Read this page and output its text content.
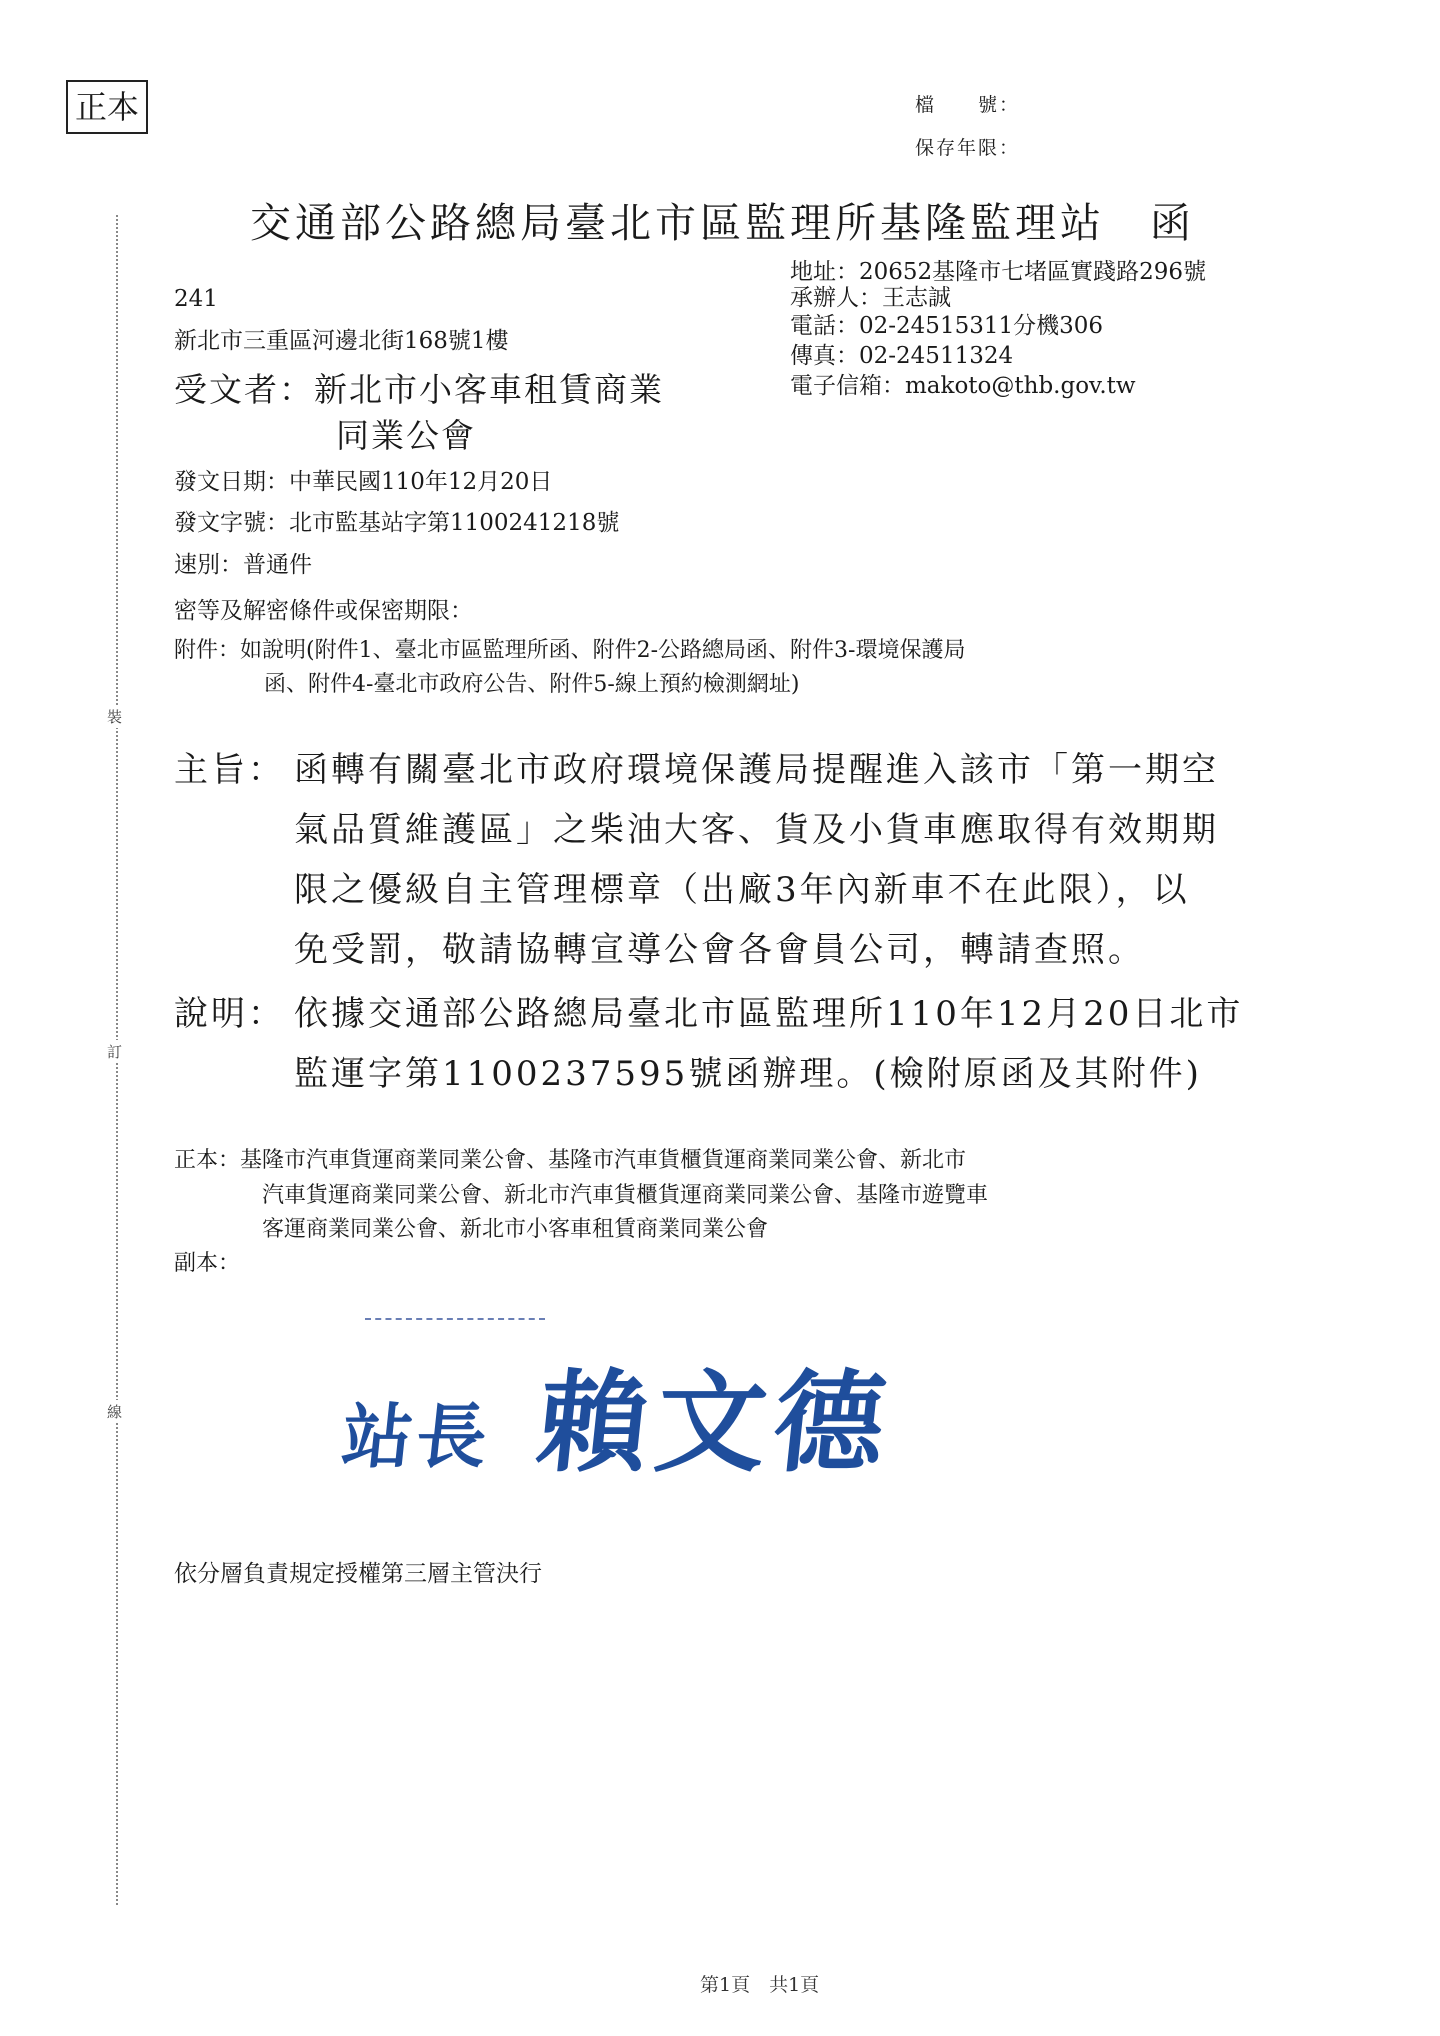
裝
訂
線
正本	檔　　號：
保存年限：
交通部公路總局臺北市區監理所基隆監理站　函
地址：20652基隆市七堵區實踐路296號
承辦人：王志誠
電話：02-24515311分機306
傳真：02-24511324
電子信箱：makoto@thb.gov.tw
241
新北市三重區河邊北街168號1樓
受文者：新北市小客車租賃商業
同業公會
發文日期：中華民國110年12月20日
發文字號：北市監基站字第1100241218號
速別：普通件
密等及解密條件或保密期限：
附件：如說明(附件1、臺北市區監理所函、附件2-公路總局函、附件3-環境保護局
函、附件4-臺北市政府公告、附件5-線上預約檢測網址)
主旨： 函轉有關臺北市政府環境保護局提醒進入該市「第一期空
氣品質維護區」之柴油大客、貨及小貨車應取得有效期期
限之優級自主管理標章（出廠3年內新車不在此限），以
免受罰，敬請協轉宣導公會各會員公司，轉請查照。
說明： 依據交通部公路總局臺北市區監理所110年12月20日北市
監運字第1100237595號函辦理。(檢附原函及其附件)
正本：基隆市汽車貨運商業同業公會、基隆市汽車貨櫃貨運商業同業公會、新北市
汽車貨運商業同業公會、新北市汽車貨櫃貨運商業同業公會、基隆市遊覽車
客運商業同業公會、新北市小客車租賃商業同業公會
副本：
站長 賴文德
依分層負責規定授權第三層主管決行
第1頁　共1頁
